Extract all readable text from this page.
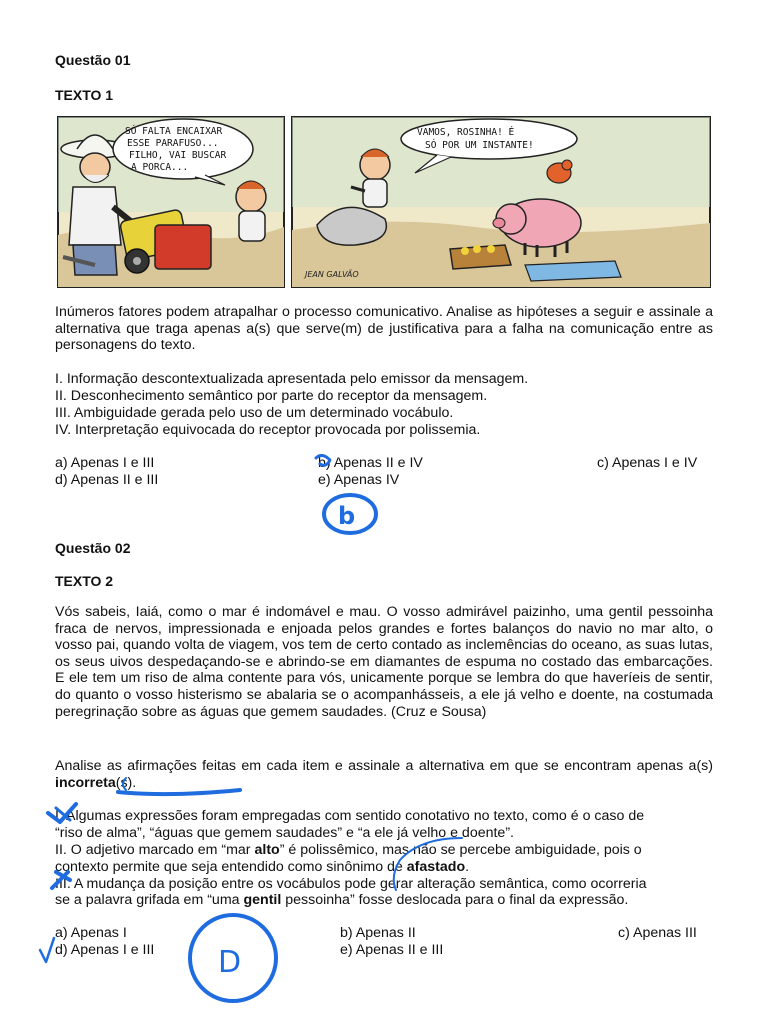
Questão 01
TEXTO 1
SÓ FALTA ENCAIXAR
ESSE PARAFUSO...
FILHO, VAI BUSCAR
A PORCA...
VAMOS, ROSINHA! É
SÓ POR UM INSTANTE!
JEAN GALVÃO
Inúmeros fatores podem atrapalhar o processo comunicativo. Analise as hipóteses a seguir e assinale a alternativa que traga apenas a(s) que serve(m) de justificativa para a falha na comunicação entre as personagens do texto.
I. Informação descontextualizada apresentada pelo emissor da mensagem.
II. Desconhecimento semântico por parte do receptor da mensagem.
III. Ambiguidade gerada pelo uso de um determinado vocábulo.
IV. Interpretação equivocada do receptor provocada por polissemia.
a) Apenas I e III	b) Apenas II e IV	c) Apenas I e IV
d) Apenas II e III	e) Apenas IV
Questão 02
TEXTO 2
Vós sabeis, Iaiá, como o mar é indomável e mau. O vosso admirável paizinho, uma gentil pessoinha fraca de nervos, impressionada e enjoada pelos grandes e fortes balanços do navio no mar alto, o vosso pai, quando volta de viagem, vos tem de certo contado as inclemências do oceano, as suas lutas, os seus uivos despedaçando-se e abrindo-se em diamantes de espuma no costado das embarcações. E ele tem um riso de alma contente para vós, unicamente porque se lembra do que haveríeis de sentir, do quanto o vosso histerismo se abalaria se o acompanhásseis, a ele já velho e doente, na costumada peregrinação sobre as águas que gemem saudades. (Cruz e Sousa)
Analise as afirmações feitas em cada item e assinale a alternativa em que se encontram apenas a(s) incorreta(s).
I. Algumas expressões foram empregadas com sentido conotativo no texto, como é o caso de
“riso de alma”, “águas que gemem saudades” e “a ele já velho e doente”.
II. O adjetivo marcado em “mar alto” é polissêmico, mas não se percebe ambiguidade, pois o
contexto permite que seja entendido como sinônimo de afastado.
III. A mudança da posição entre os vocábulos pode gerar alteração semântica, como ocorreria
se a palavra grifada em “uma gentil pessoinha” fosse deslocada para o final da expressão.
a) Apenas I	b) Apenas II	c) Apenas III
d) Apenas I e III	e) Apenas II e III
b
D
